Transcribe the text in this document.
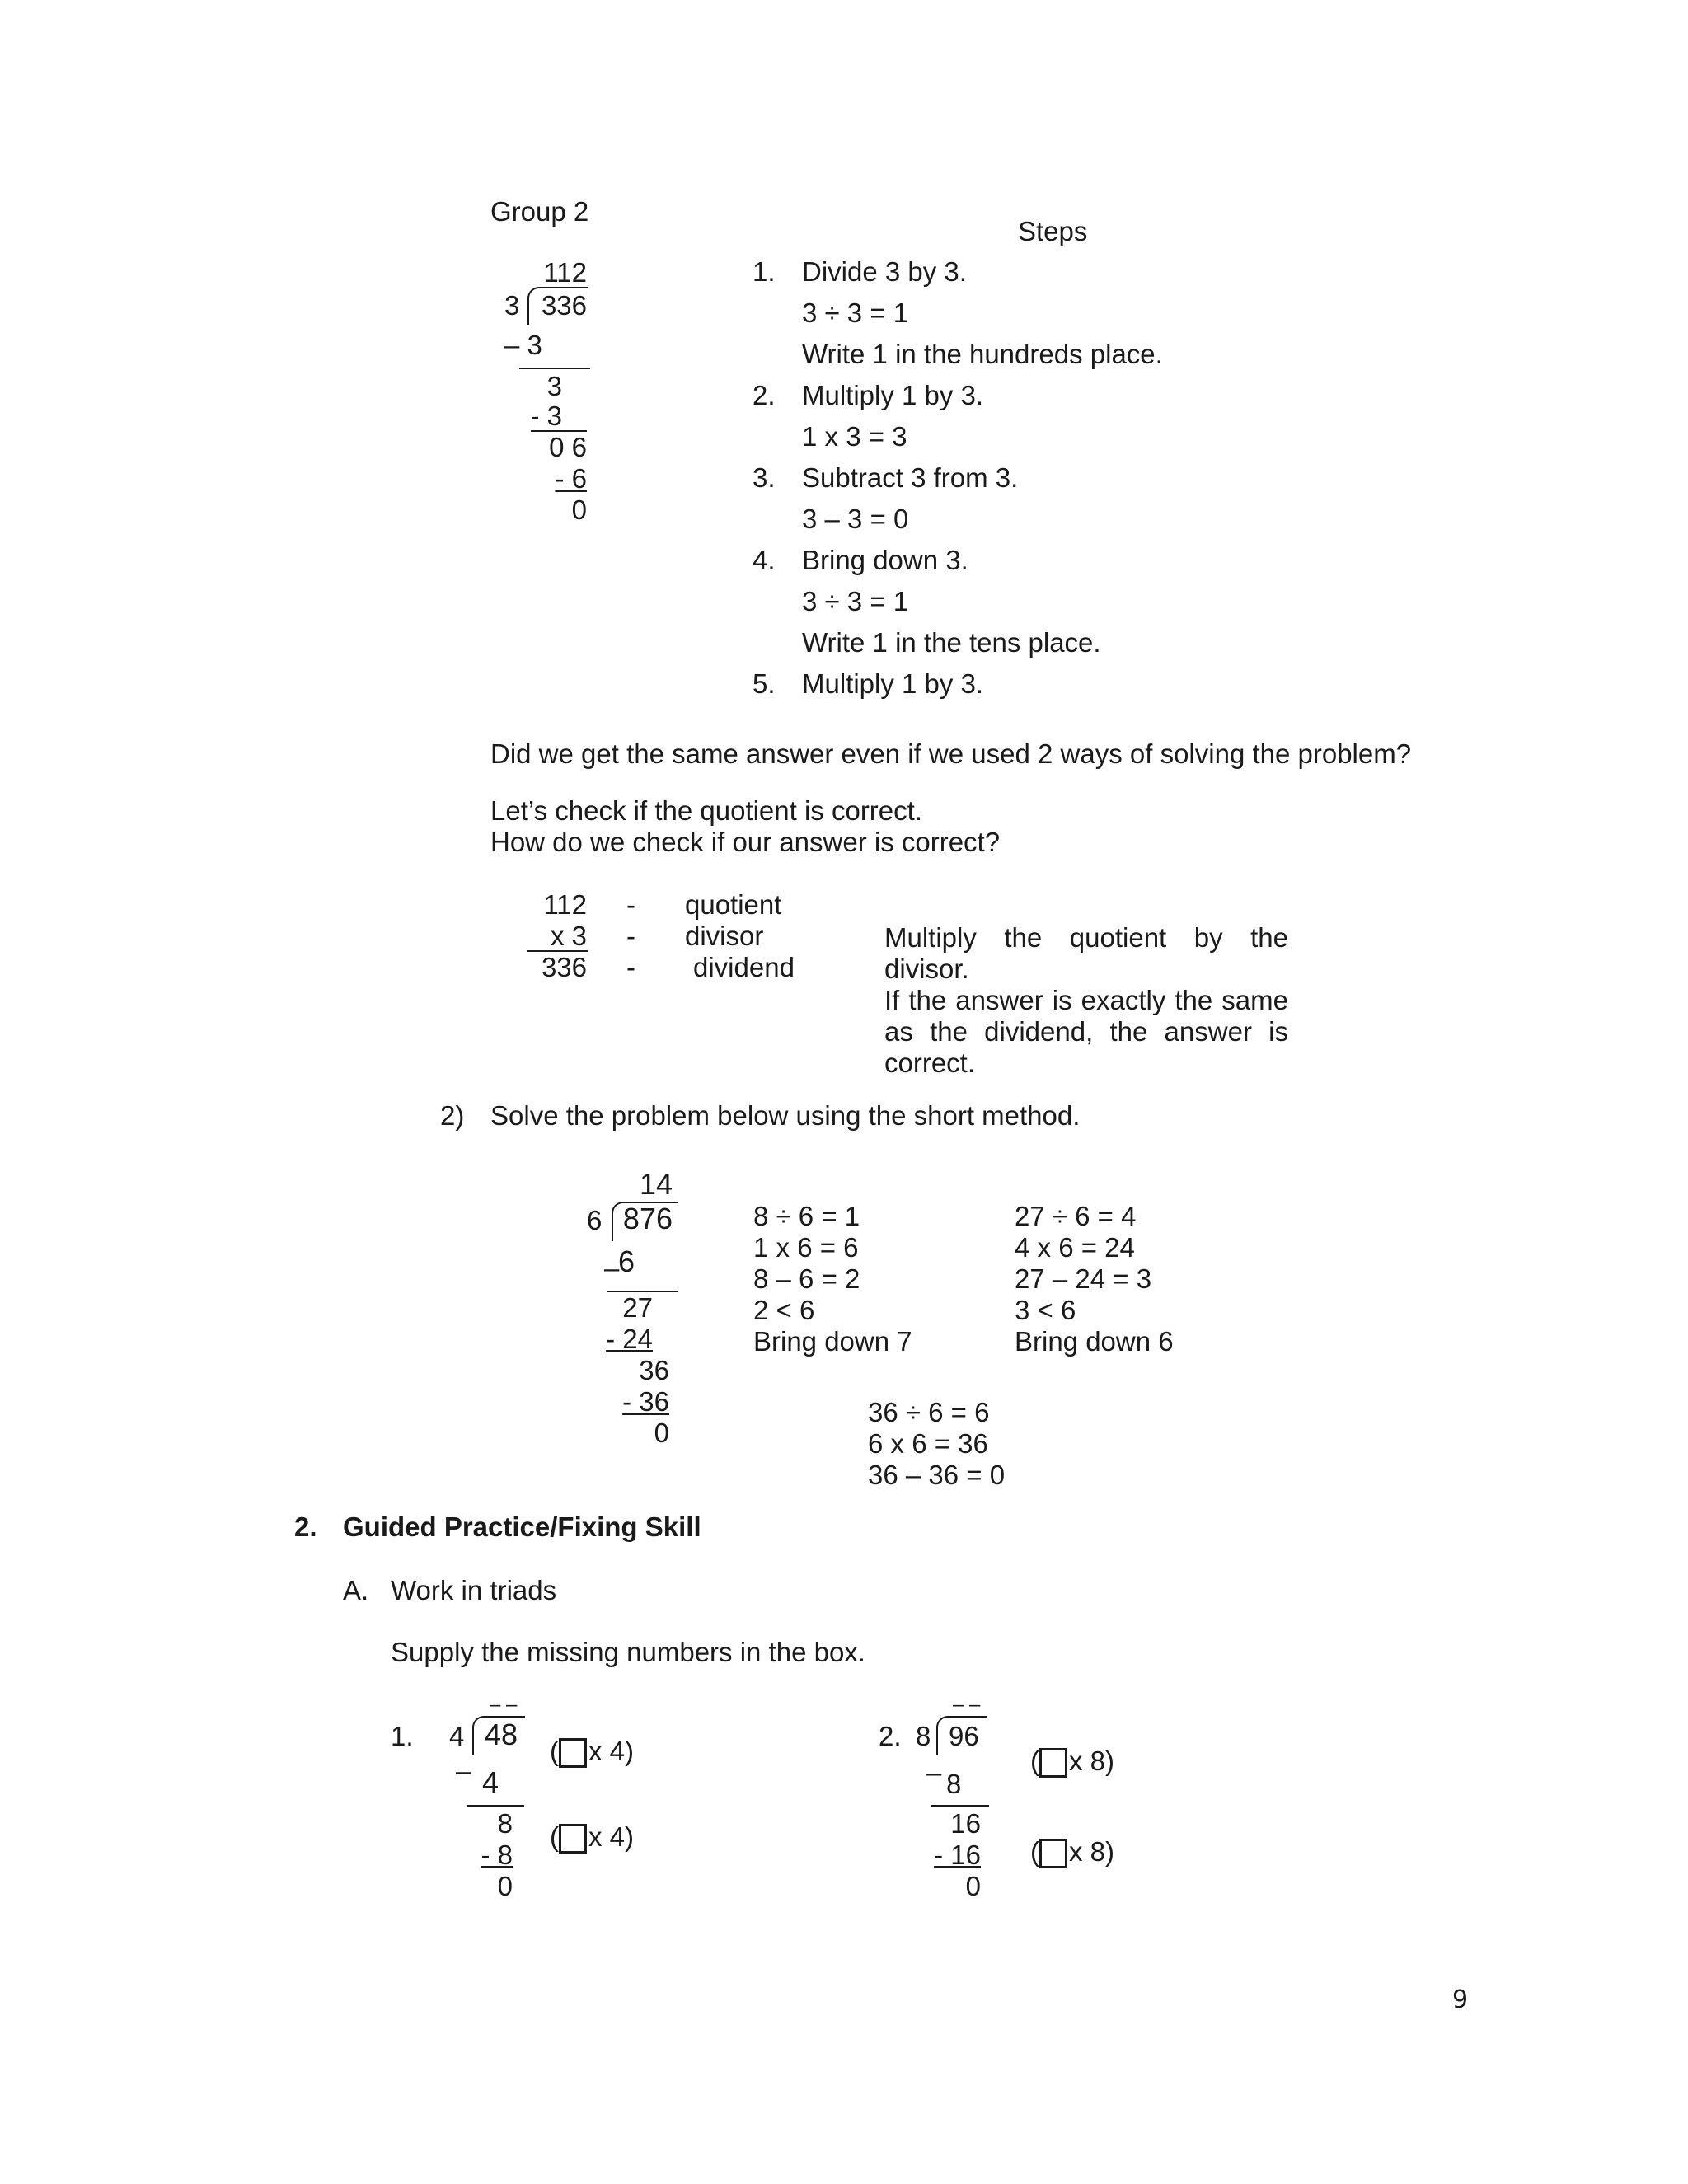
Group 2
Steps
112
3 336
– 3
3
- 3
0 6
- 6
0
1. Divide 3 by 3.
3 ÷ 3 = 1
Write 1 in the hundreds place.
2. Multiply 1 by 3.
1 x 3 = 3
3. Subtract 3 from 3.
3 – 3 = 0
4. Bring down 3.
3 ÷ 3 = 1
Write 1 in the tens place.
5. Multiply 1 by 3.
Did we get the same answer even if we used 2 ways of solving the problem?
Let’s check if the quotient is correct.
How do we check if our answer is correct?
112 - quotient
x 3 - divisor
336 - dividend
Multiply the quotient by the divisor.
If the answer is exactly the same as the dividend, the answer is correct.
2) Solve the problem below using the short method.
14
6 876
–
6
27
- 24
36
- 36
0
8 ÷ 6 = 1
1 x 6 = 6
8 – 6 = 2
2 < 6
Bring down 7
27 ÷ 6 = 4
4 x 6 = 24
27 – 24 = 3
3 < 6
Bring down 6
36 ÷ 6 = 6
6 x 6 = 36
36 – 36 = 0
2. Guided Practice/Fixing Skill
A. Work in triads
Supply the missing numbers in the box.
1.
– –
4 48
– 4
8
- 8
0
( x 4)
( x 4)
2.
– –
8 96
– 8
16
- 16
0
( x 8)
( x 8)
9
